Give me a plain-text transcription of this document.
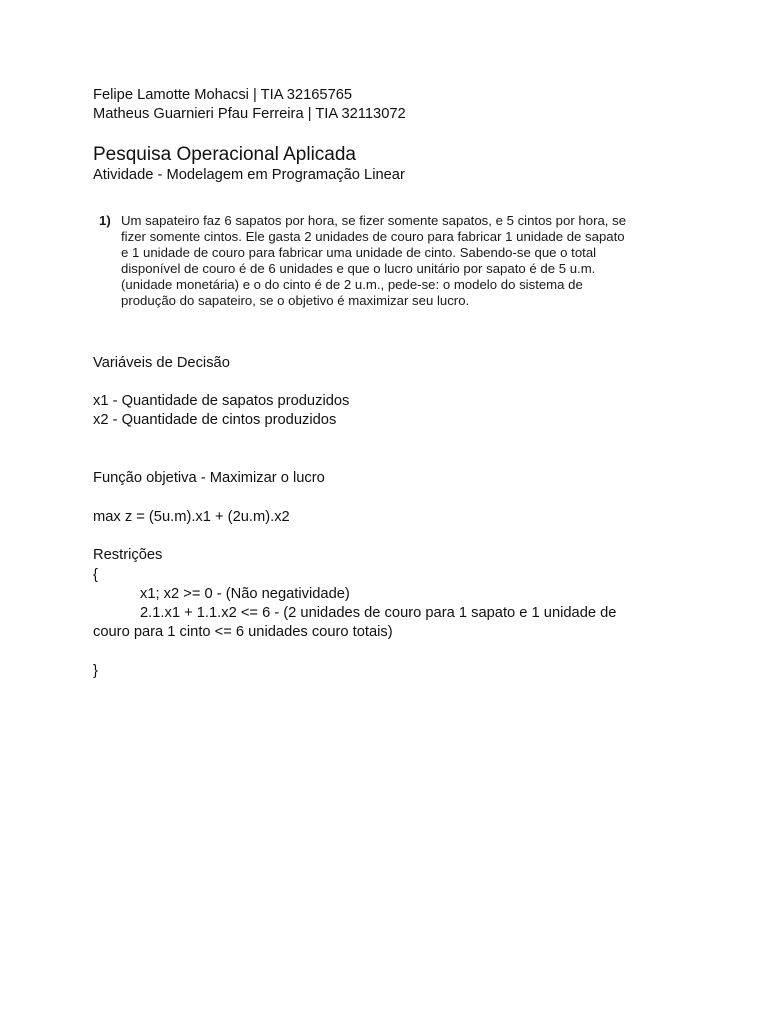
Felipe Lamotte Mohacsi | TIA 32165765
Matheus Guarnieri Pfau Ferreira | TIA 32113072
Pesquisa Operacional Aplicada
Atividade - Modelagem em Programação Linear
1) Um sapateiro faz 6 sapatos por hora, se fizer somente sapatos, e 5 cintos por hora, se
fizer somente cintos. Ele gasta 2 unidades de couro para fabricar 1 unidade de sapato
e 1 unidade de couro para fabricar uma unidade de cinto. Sabendo-se que o total
disponível de couro é de 6 unidades e que o lucro unitário por sapato é de 5 u.m.
(unidade monetária) e o do cinto é de 2 u.m., pede-se: o modelo do sistema de
produção do sapateiro, se o objetivo é maximizar seu lucro.
Variáveis de Decisão
x1 - Quantidade de sapatos produzidos
x2 - Quantidade de cintos produzidos
Função objetiva - Maximizar o lucro
max z = (5u.m).x1 + (2u.m).x2
Restrições
{
x1; x2 >= 0 - (Não negatividade)
2.1.x1 + 1.1.x2 <= 6 - (2 unidades de couro para 1 sapato e 1 unidade de
couro para 1 cinto <= 6 unidades couro totais)
}
